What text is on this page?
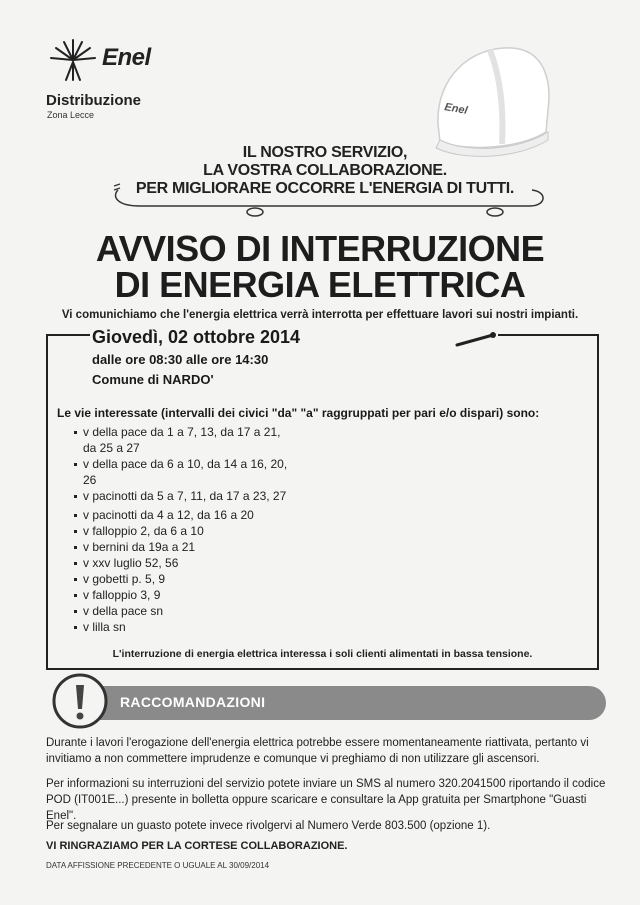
Enel
Distribuzione
Zona Lecce	Enel
IL NOSTRO SERVIZIO,
LA VOSTRA COLLABORAZIONE.
PER MIGLIORARE OCCORRE L'ENERGIA DI TUTTI.
AVVISO DI INTERRUZIONE
DI ENERGIA ELETTRICA
Vi comunichiamo che l'energia elettrica verrà interrotta per effettuare lavori sui nostri impianti.
Giovedì, 02 ottobre 2014
dalle ore 08:30 alle ore 14:30
Comune di NARDO'
Le vie interessate (intervalli dei civici "da" "a" raggruppati per pari e/o dispari) sono:
v della pace da 1 a 7, 13, da 17 a 21,
da 25 a 27
v della pace da 6 a 10, da 14 a 16, 20,
26
v pacinotti da 5 a 7, 11, da 17 a 23, 27
v pacinotti da 4 a 12, da 16 a 20
v falloppio 2, da 6 a 10
v bernini da 19a a 21
v xxv luglio 52, 56
v gobetti p. 5, 9
v falloppio 3, 9
v della pace sn
v lilla sn
L'interruzione di energia elettrica interessa i soli clienti alimentati in bassa tensione.
RACCOMANDAZIONI
Durante i lavori l'erogazione dell'energia elettrica potrebbe essere momentaneamente riattivata, pertanto vi invitiamo a non commettere imprudenze e comunque vi preghiamo di non utilizzare gli ascensori.
Per informazioni su interruzioni del servizio potete inviare un SMS al numero 320.2041500 riportando il codice POD (IT001E...) presente in bolletta oppure scaricare e consultare la App gratuita per Smartphone "Guasti Enel".
Per segnalare un guasto potete invece rivolgervi al Numero Verde 803.500 (opzione 1).
VI RINGRAZIAMO PER LA CORTESE COLLABORAZIONE.
DATA AFFISSIONE PRECEDENTE O UGUALE AL 30/09/2014
